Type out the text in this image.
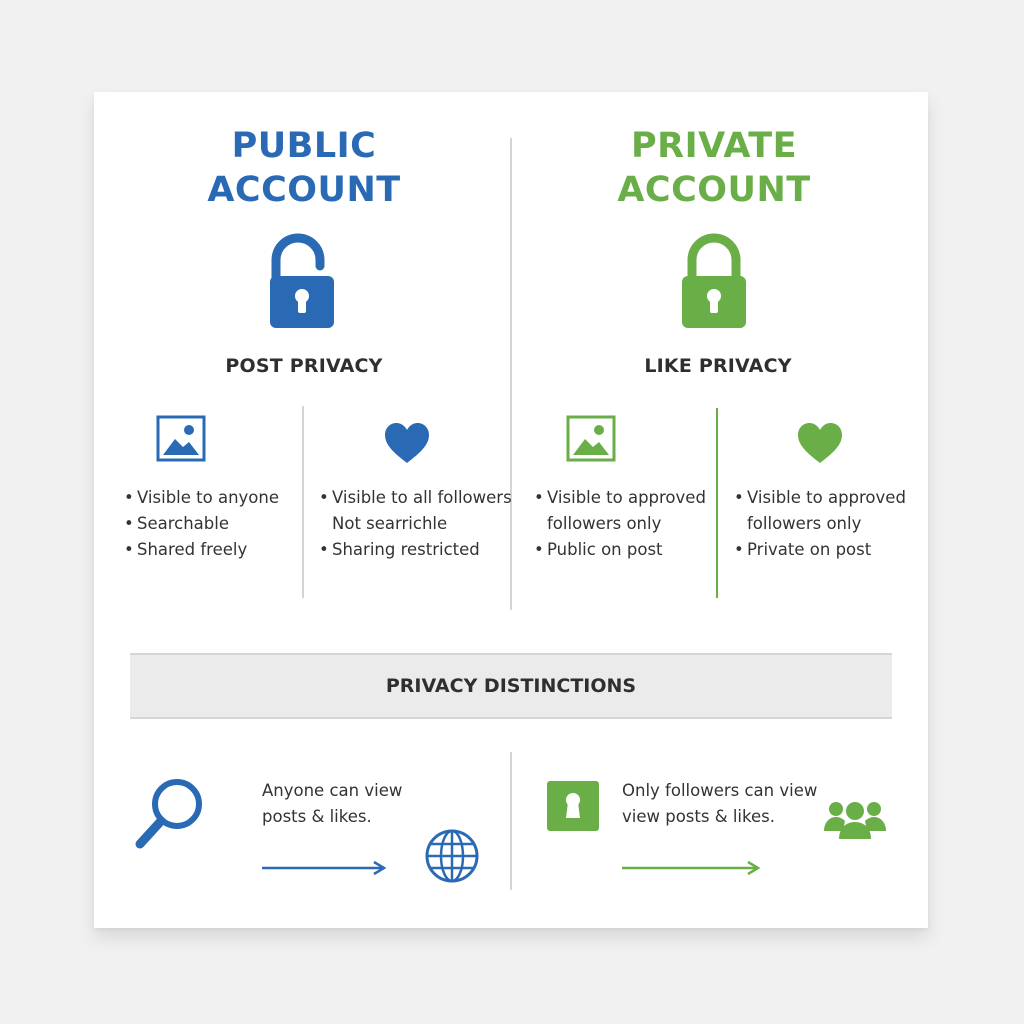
PUBLIC
ACCOUNT
PRIVATE
ACCOUNT
POST PRIVACY	LIKE PRIVACY
• Visible to anyone
• Searchable
• Shared freely
• Visible to all followers
Not searrichle
• Sharing restricted
• Visible to approved
followers only
• Public on post
• Visible to approved
followers only
• Private on post
PRIVACY DISTINCTIONS
Anyone can view
posts & likes.
Only followers can view
view posts & likes.
